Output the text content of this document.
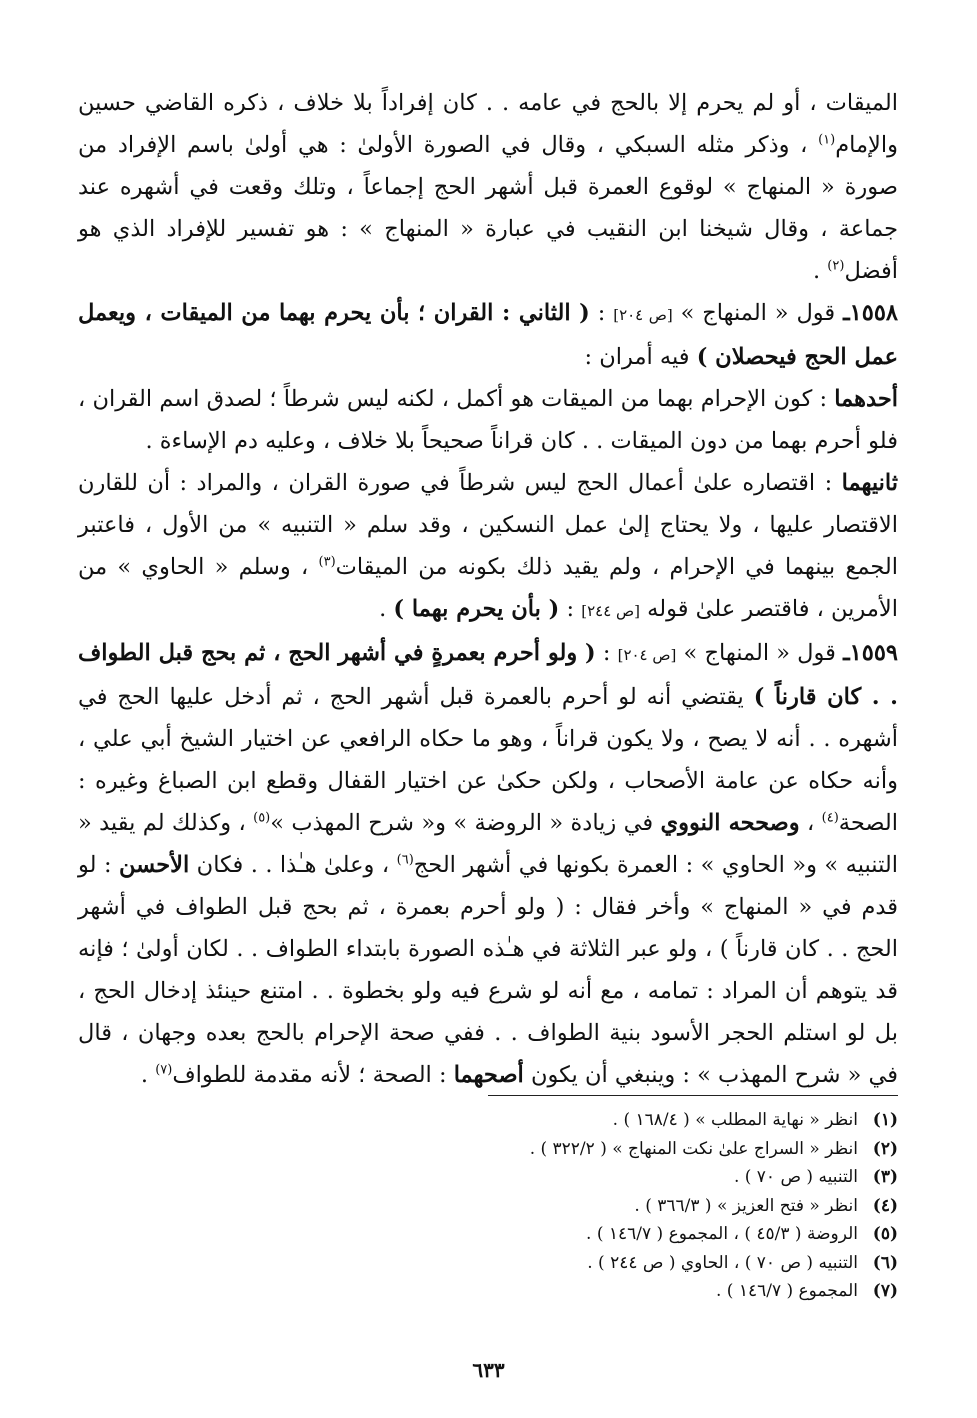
الميقات ، أو لم يحرم إلا بالحج في عامه . . كان إفراداً بلا خلاف ، ذكره القاضي حسين والإمام$^{(١)}$ ، وذكر مثله السبكي ، وقال في الصورة الأولىٰ : هي أولىٰ باسم الإفراد من صورة « المنهاج » لوقوع العمرة قبل أشهر الحج إجماعاً ، وتلك وقعت في أشهره عند جماعة ، وقال شيخنا ابن النقيب في عبارة « المنهاج » : هو تفسير للإفراد الذي هو أفضل$^{(٢)}$ .

١٥٥٨ـ قول « المنهاج » [ص ٢٠٤] : ( الثاني : القران ؛ بأن يحرم بهما من الميقات ، ويعمل عمل الحج فيحصلان ) فيه أمران :

أحدهما : كون الإحرام بهما من الميقات هو أكمل ، لكنه ليس شرطاً ؛ لصدق اسم القران ، فلو أحرم بهما من دون الميقات . . كان قراناً صحيحاً بلا خلاف ، وعليه دم الإساءة .

ثانيهما : اقتصاره علىٰ أعمال الحج ليس شرطاً في صورة القران ، والمراد : أن للقارن الاقتصار عليها ، ولا يحتاج إلىٰ عمل النسكين ، وقد سلم « التنبيه » من الأول ، فاعتبر الجمع بينهما في الإحرام ، ولم يقيد ذلك بكونه من الميقات$^{(٣)}$ ، وسلم « الحاوي » من الأمرين ، فاقتصر علىٰ قوله [ص ٢٤٤] : ( بأن يحرم بهما ) .

١٥٥٩ـ قول « المنهاج » [ص ٢٠٤] : ( ولو أحرم بعمرةٍ في أشهر الحج ، ثم بحج قبل الطواف . . كان قارناً ) يقتضي أنه لو أحرم بالعمرة قبل أشهر الحج ، ثم أدخل عليها الحج في أشهره . . أنه لا يصح ، ولا يكون قراناً ، وهو ما حكاه الرافعي عن اختيار الشيخ أبي علي ، وأنه حكاه عن عامة الأصحاب ، ولكن حكىٰ عن اختيار القفال وقطع ابن الصباغ وغيره : الصحة$^{(٤)}$ ، وصححه النووي في زيادة « الروضة » و« شرح المهذب »$^{(٥)}$ ، وكذلك لم يقيد « التنبيه » و« الحاوي » : العمرة بكونها في أشهر الحج$^{(٦)}$ ، وعلىٰ هـٰذا . . فكان الأحسن : لو قدم في « المنهاج » وأخر فقال : ( ولو أحرم بعمرة ، ثم بحج قبل الطواف في أشهر الحج . . كان قارناً ) ، ولو عبر الثلاثة في هـٰذه الصورة بابتداء الطواف . . لكان أولىٰ ؛ فإنه قد يتوهم أن المراد : تمامه ، مع أنه لو شرع فيه ولو بخطوة . . امتنع حينئذ إدخال الحج ، بل لو استلم الحجر الأسود بنية الطواف . . ففي صحة الإحرام بالحج بعده وجهان ، قال في « شرح المهذب » : وينبغي أن يكون أصحهما : الصحة ؛ لأنه مقدمة للطواف$^{(٧)}$ .

(١)انظر « نهاية المطلب » ( ١٦٨/٤ ) .

(٢)انظر « السراج علىٰ نكت المنهاج » ( ٣٢٢/٢ ) .

(٣)التنبيه ( ص ٧٠ ) .

(٤)انظر « فتح العزيز » ( ٣٦٦/٣ ) .

(٥)الروضة ( ٤٥/٣ ) ، المجموع ( ١٤٦/٧ ) .

(٦)التنبيه ( ص ٧٠ ) ، الحاوي ( ص ٢٤٤ ) .

(٧)المجموع ( ١٤٦/٧ ) .

٦٣٣
